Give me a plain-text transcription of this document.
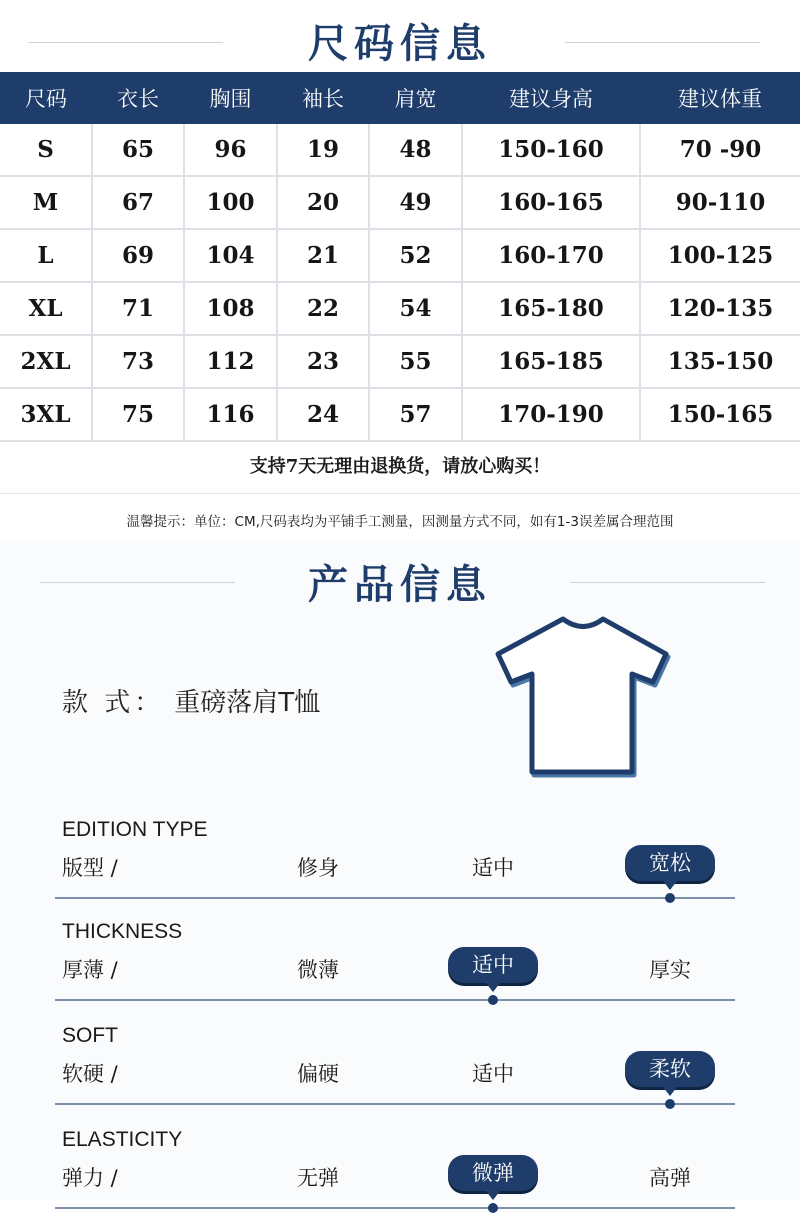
尺码信息
尺码	衣长	胸围	袖长	肩宽	建议身高	建议体重
S	65	96	19	48	150-160	70 -90
M	67	100	20	49	160-165	90-110
L	69	104	21	52	160-170	100-125
XL	71	108	22	54	165-180	120-135
2XL	73	112	23	55	165-185	135-150
3XL	75	116	24	57	170-190	150-165
支持7天无理由退换货，请放心购买！
温馨提示：单位：CM,尺码表均为平铺手工测量，因测量方式不同，如有1-3误差属合理范围
产品信息
款 式： 重磅落肩T恤
EDITION TYPE
版型 /	修身	适中	宽松
THICKNESS
厚薄 /	微薄	适中	厚实
SOFT
软硬 /	偏硬	适中	柔软
ELASTICITY
弹力 /	无弹	微弹	高弹
